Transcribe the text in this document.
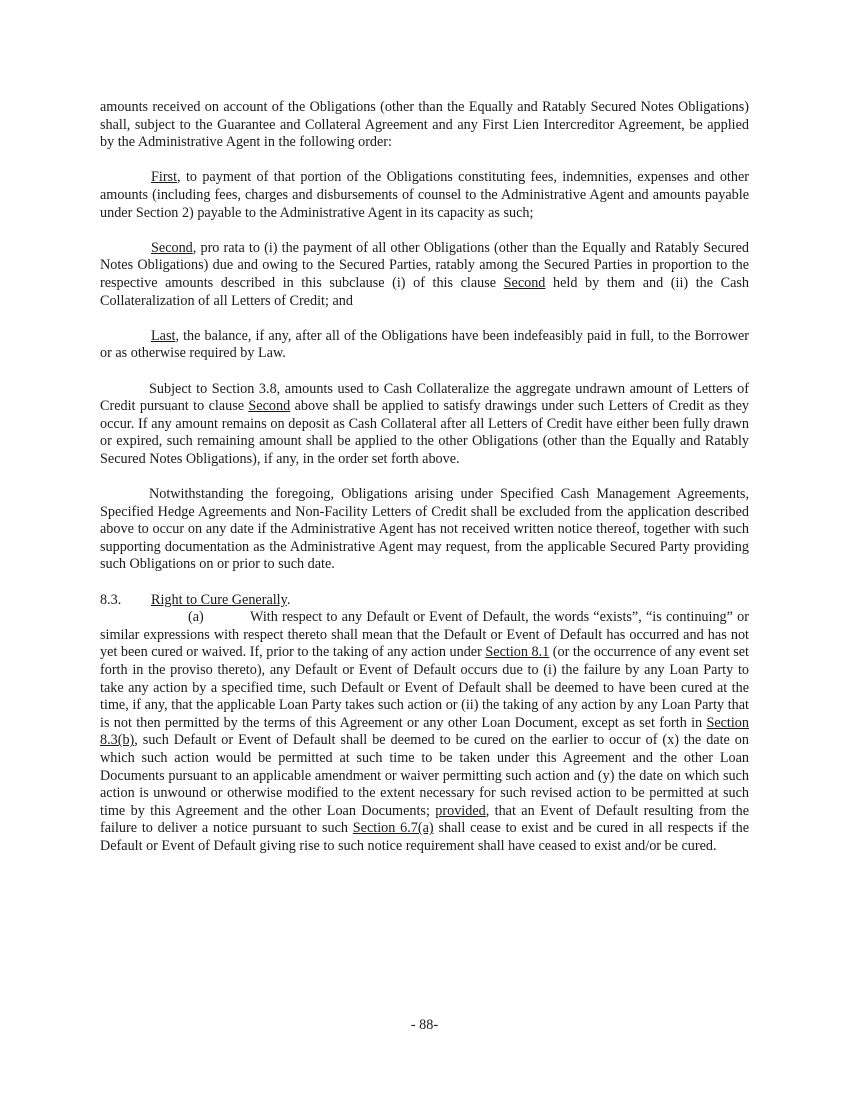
amounts received on account of the Obligations (other than the Equally and Ratably Secured Notes Obligations) shall, subject to the Guarantee and Collateral Agreement and any First Lien Intercreditor Agreement, be applied by the Administrative Agent in the following order:

First, to payment of that portion of the Obligations constituting fees, indemnities, expenses and other amounts (including fees, charges and disbursements of counsel to the Administrative Agent and amounts payable under Section 2) payable to the Administrative Agent in its capacity as such;

Second, pro rata to (i) the payment of all other Obligations (other than the Equally and Ratably Secured Notes Obligations) due and owing to the Secured Parties, ratably among the Secured Parties in proportion to the respective amounts described in this subclause (i) of this clause Second held by them and (ii) the Cash Collateralization of all Letters of Credit; and

Last, the balance, if any, after all of the Obligations have been indefeasibly paid in full, to the Borrower or as otherwise required by Law.

Subject to Section 3.8, amounts used to Cash Collateralize the aggregate undrawn amount of Letters of Credit pursuant to clause Second above shall be applied to satisfy drawings under such Letters of Credit as they occur. If any amount remains on deposit as Cash Collateral after all Letters of Credit have either been fully drawn or expired, such remaining amount shall be applied to the other Obligations (other than the Equally and Ratably Secured Notes Obligations), if any, in the order set forth above.

Notwithstanding the foregoing, Obligations arising under Specified Cash Management Agreements, Specified Hedge Agreements and Non-Facility Letters of Credit shall be excluded from the application described above to occur on any date if the Administrative Agent has not received written notice thereof, together with such supporting documentation as the Administrative Agent may request, from the applicable Secured Party providing such Obligations on or prior to such date.

8.3. Right to Cure Generally.

(a)	With respect to any Default or Event of Default, the words “exists”, “is continuing” or similar expressions with respect thereto shall mean that the Default or Event of Default has occurred and has not yet been cured or waived. If, prior to the taking of any action under Section 8.1 (or the occurrence of any event set forth in the proviso thereto), any Default or Event of Default occurs due to (i) the failure by any Loan Party to take any action by a specified time, such Default or Event of Default shall be deemed to have been cured at the time, if any, that the applicable Loan Party takes such action or (ii) the taking of any action by any Loan Party that is not then permitted by the terms of this Agreement or any other Loan Document, except as set forth in Section 8.3(b), such Default or Event of Default shall be deemed to be cured on the earlier to occur of (x) the date on which such action would be permitted at such time to be taken under this Agreement and the other Loan Documents pursuant to an applicable amendment or waiver permitting such action and (y) the date on which such action is unwound or otherwise modified to the extent necessary for such revised action to be permitted at such time by this Agreement and the other Loan Documents; provided, that an Event of Default resulting from the failure to deliver a notice pursuant to such Section 6.7(a) shall cease to exist and be cured in all respects if the Default or Event of Default giving rise to such notice requirement shall have ceased to exist and/or be cured.

- 88-
